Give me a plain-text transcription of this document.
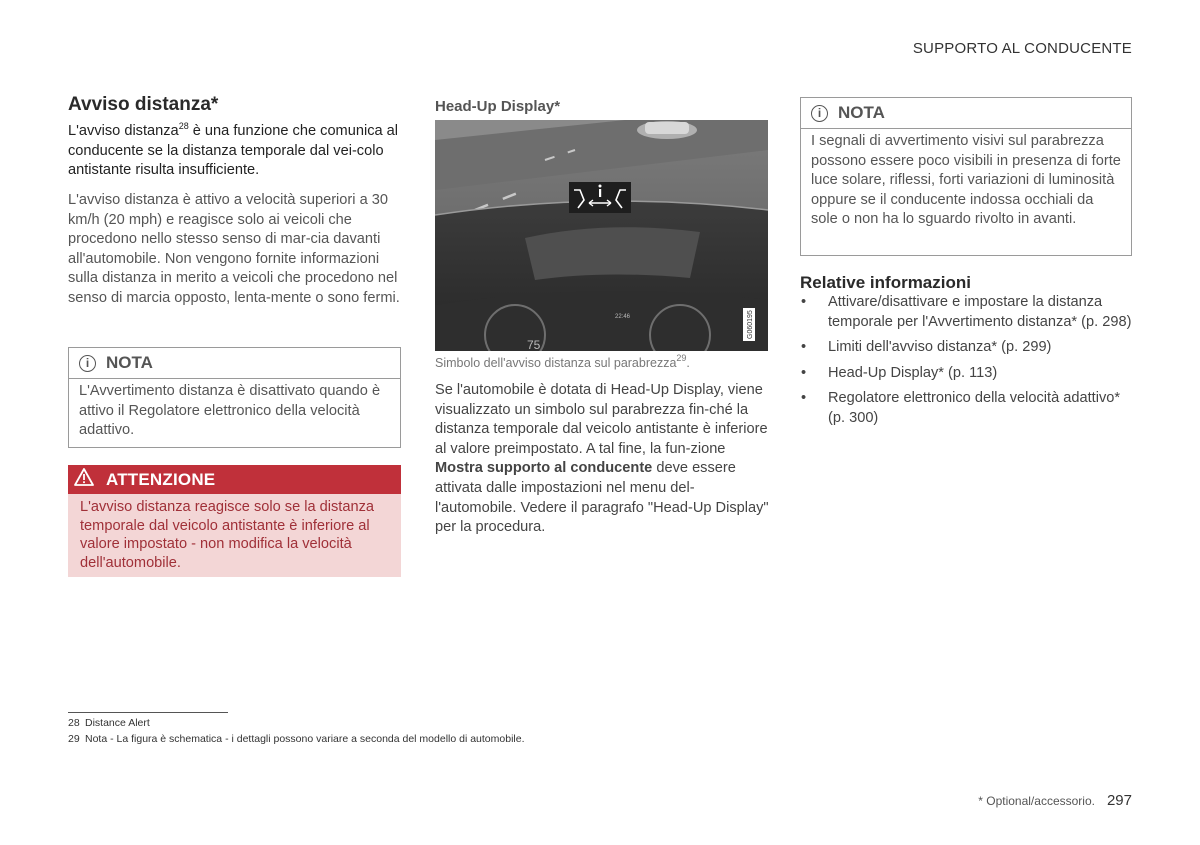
SUPPORTO AL CONDUCENTE
Avviso distanza*
L'avviso distanza$^{28}$ è una funzione che comunica al conducente se la distanza temporale dal vei-colo antistante risulta insufficiente.
L'avviso distanza è attivo a velocità superiori a 30 km/h (20 mph) e reagisce solo ai veicoli che procedono nello stesso senso di mar-cia davanti all'automobile. Non vengono fornite informazioni sulla distanza in merito a veicoli che procedono nel senso di marcia opposto, lenta-mente o sono fermi.
i NOTA
L'Avvertimento distanza è disattivato quando è attivo il Regolatore elettronico della velocità adattivo.
ATTENZIONE
L'avviso distanza reagisce solo se la distanza temporale dal veicolo antistante è inferiore al valore impostato - non modifica la velocità dell'automobile.
Head-Up Display*
22:46
75
G060195
Simbolo dell'avviso distanza sul parabrezza$^{29}$.
Se l'automobile è dotata di Head-Up Display, viene visualizzato un simbolo sul parabrezza fin-ché la distanza temporale dal veicolo antistante è inferiore al valore preimpostato. A tal fine, la fun-zione Mostra supporto al conducente deve essere attivata dalle impostazioni nel menu del-l'automobile. Vedere il paragrafo "Head-Up Display" per la procedura.
i NOTA
I segnali di avvertimento visivi sul parabrezza possono essere poco visibili in presenza di forte luce solare, riflessi, forti variazioni di luminosità oppure se il conducente indossa occhiali da sole o non ha lo sguardo rivolto in avanti.
Relative informazioni
• Attivare/disattivare e impostare la distanza temporale per l'Avvertimento distanza* (p. 298)
• Limiti dell'avviso distanza* (p. 299)
• Head-Up Display* (p. 113)
• Regolatore elettronico della velocità adattivo* (p. 300)
28 Distance Alert
29 Nota - La figura è schematica - i dettagli possono variare a seconda del modello di automobile.
* Optional/accessorio. 297
